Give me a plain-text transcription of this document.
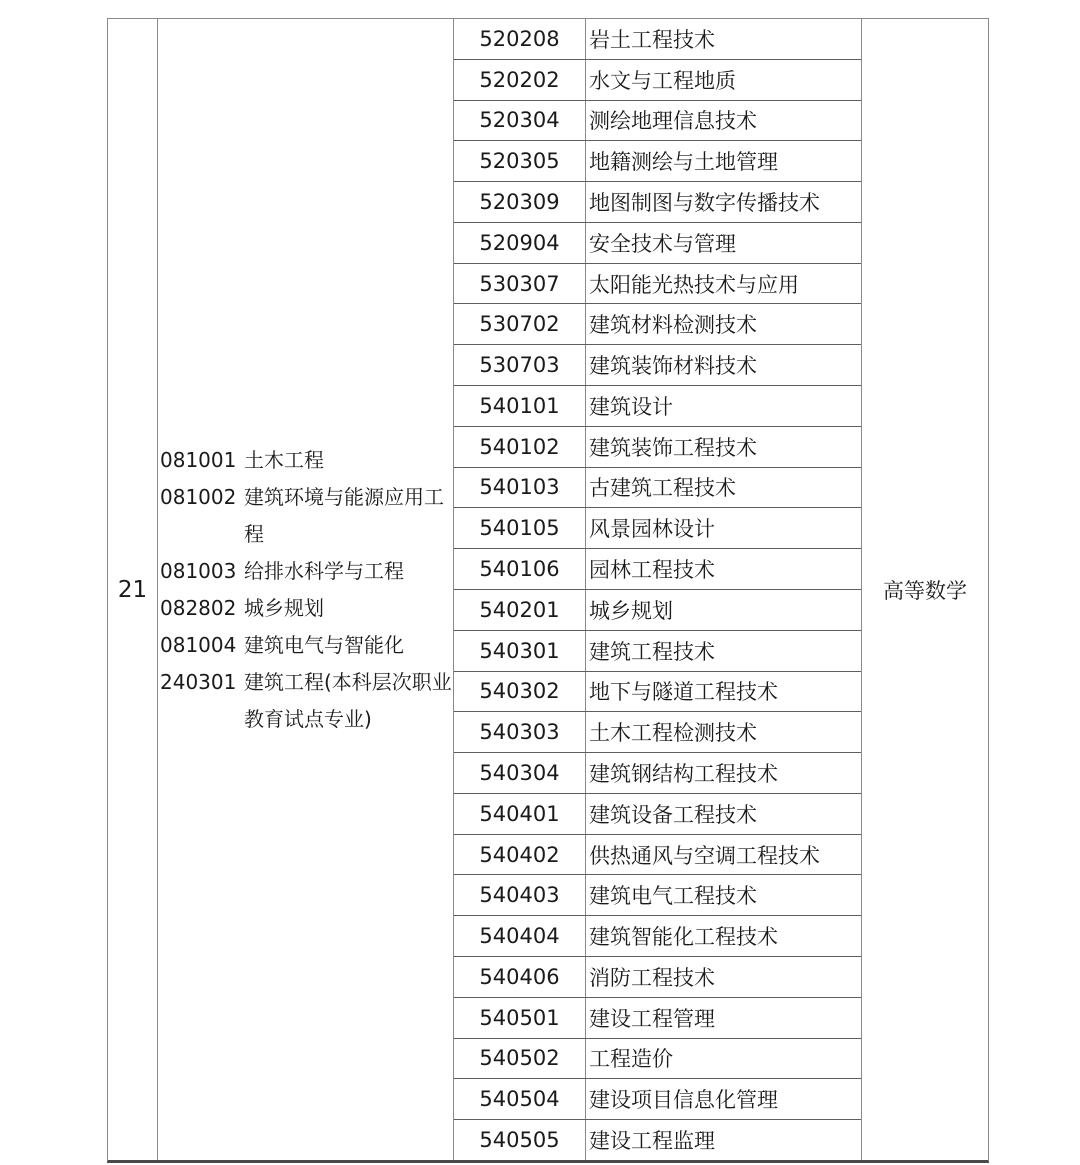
21
081001 土木工程
081002 建筑环境与能源应用工程
081003 给排水科学与工程
082802 城乡规划
081004 建筑电气与智能化
240301 建筑工程(本科层次职业教育试点专业)
520208	岩土工程技术
520202	水文与工程地质
520304	测绘地理信息技术
520305	地籍测绘与土地管理
520309	地图制图与数字传播技术
520904	安全技术与管理
530307	太阳能光热技术与应用
530702	建筑材料检测技术
530703	建筑装饰材料技术
540101	建筑设计
540102	建筑装饰工程技术
540103	古建筑工程技术
540105	风景园林设计
540106	园林工程技术
540201	城乡规划
540301	建筑工程技术
540302	地下与隧道工程技术
540303	土木工程检测技术
540304	建筑钢结构工程技术
540401	建筑设备工程技术
540402	供热通风与空调工程技术
540403	建筑电气工程技术
540404	建筑智能化工程技术
540406	消防工程技术
540501	建设工程管理
540502	工程造价
540504	建设项目信息化管理
540505	建设工程监理
高等数学
